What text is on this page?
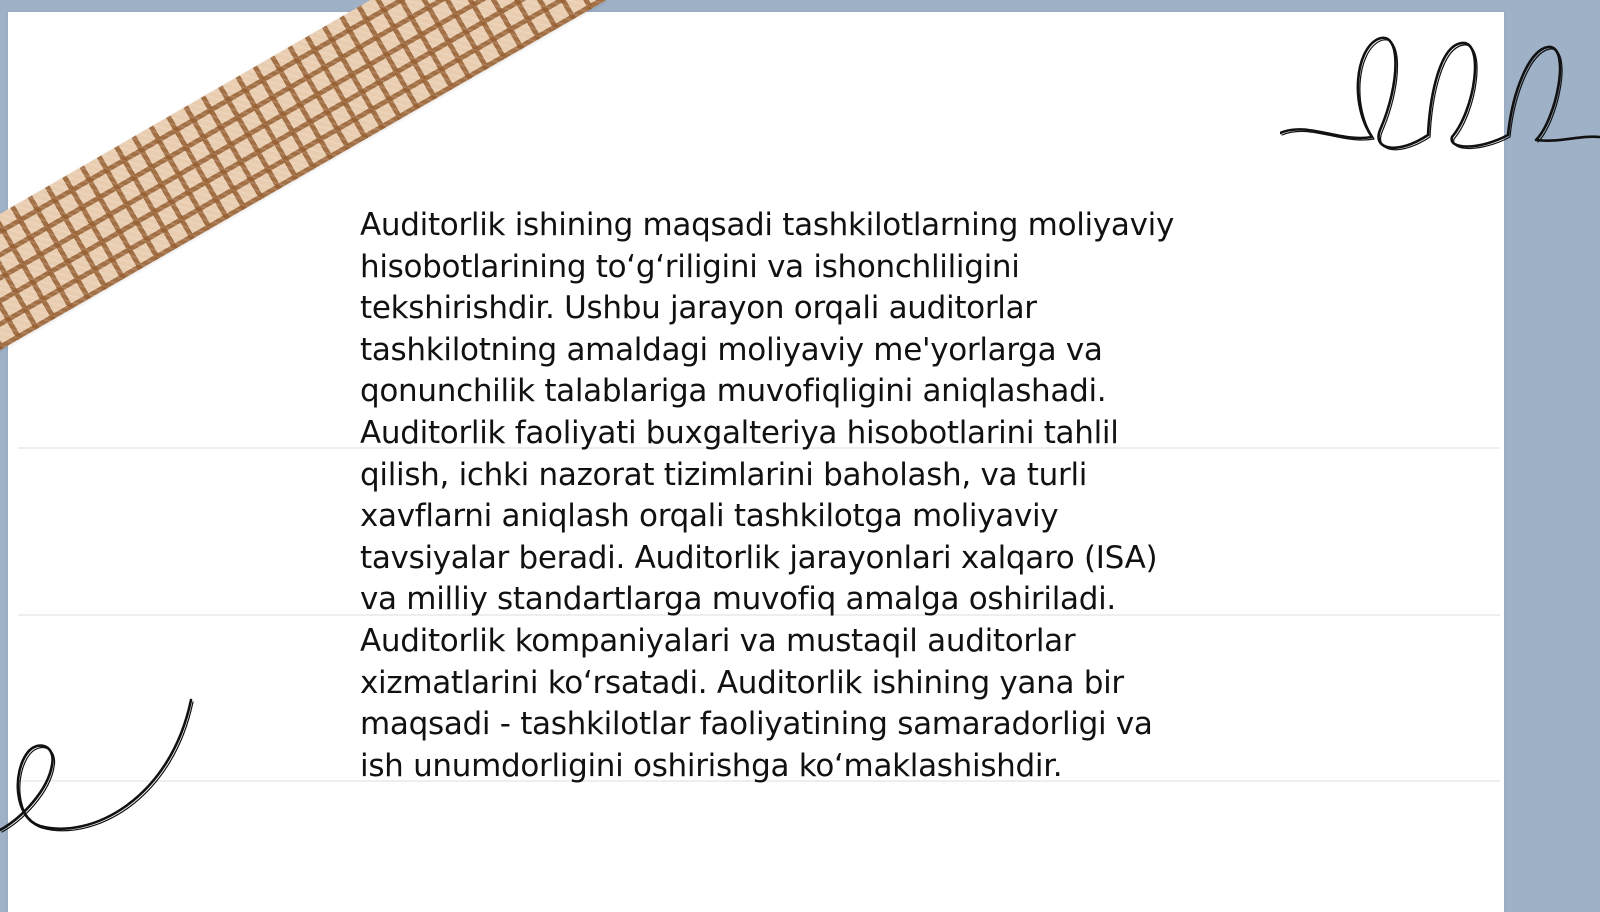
Auditorlik ishining maqsadi tashkilotlarning moliyaviy
hisobotlarining toʻgʻriligini va ishonchliligini
tekshirishdir. Ushbu jarayon orqali auditorlar
tashkilotning amaldagi moliyaviy me'yorlarga va
qonunchilik talablariga muvofiqligini aniqlashadi.
Auditorlik faoliyati buxgalteriya hisobotlarini tahlil
qilish, ichki nazorat tizimlarini baholash, va turli
xavflarni aniqlash orqali tashkilotga moliyaviy
tavsiyalar beradi. Auditorlik jarayonlari xalqaro (ISA)
va milliy standartlarga muvofiq amalga oshiriladi.
Auditorlik kompaniyalari va mustaqil auditorlar
xizmatlarini koʻrsatadi. Auditorlik ishining yana bir
maqsadi - tashkilotlar faoliyatining samaradorligi va
ish unumdorligini oshirishga koʻmaklashishdir.
